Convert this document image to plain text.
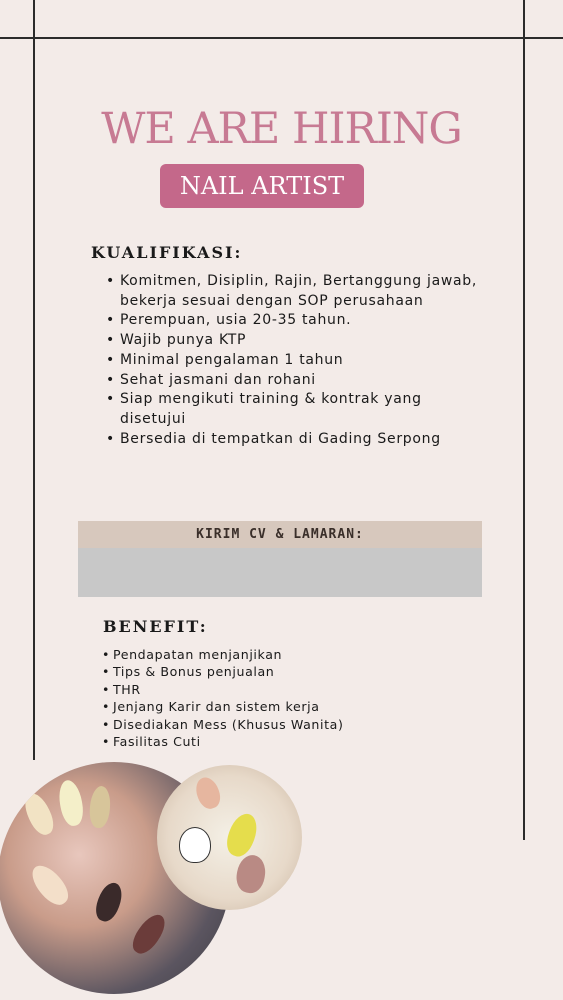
WE ARE HIRING
NAIL ARTIST
KUALIFIKASI:
• Komitmen, Disiplin, Rajin, Bertanggung jawab, bekerja sesuai dengan SOP perusahaan
• Perempuan, usia 20-35 tahun.
• Wajib punya KTP
• Minimal pengalaman 1 tahun
• Sehat jasmani dan rohani
• Siap mengikuti training & kontrak yang disetujui
• Bersedia di tempatkan di Gading Serpong
KIRIM CV & LAMARAN:
BENEFIT:
• Pendapatan menjanjikan
• Tips & Bonus penjualan
• THR
• Jenjang Karir dan sistem kerja
• Disediakan Mess (Khusus Wanita)
• Fasilitas Cuti
